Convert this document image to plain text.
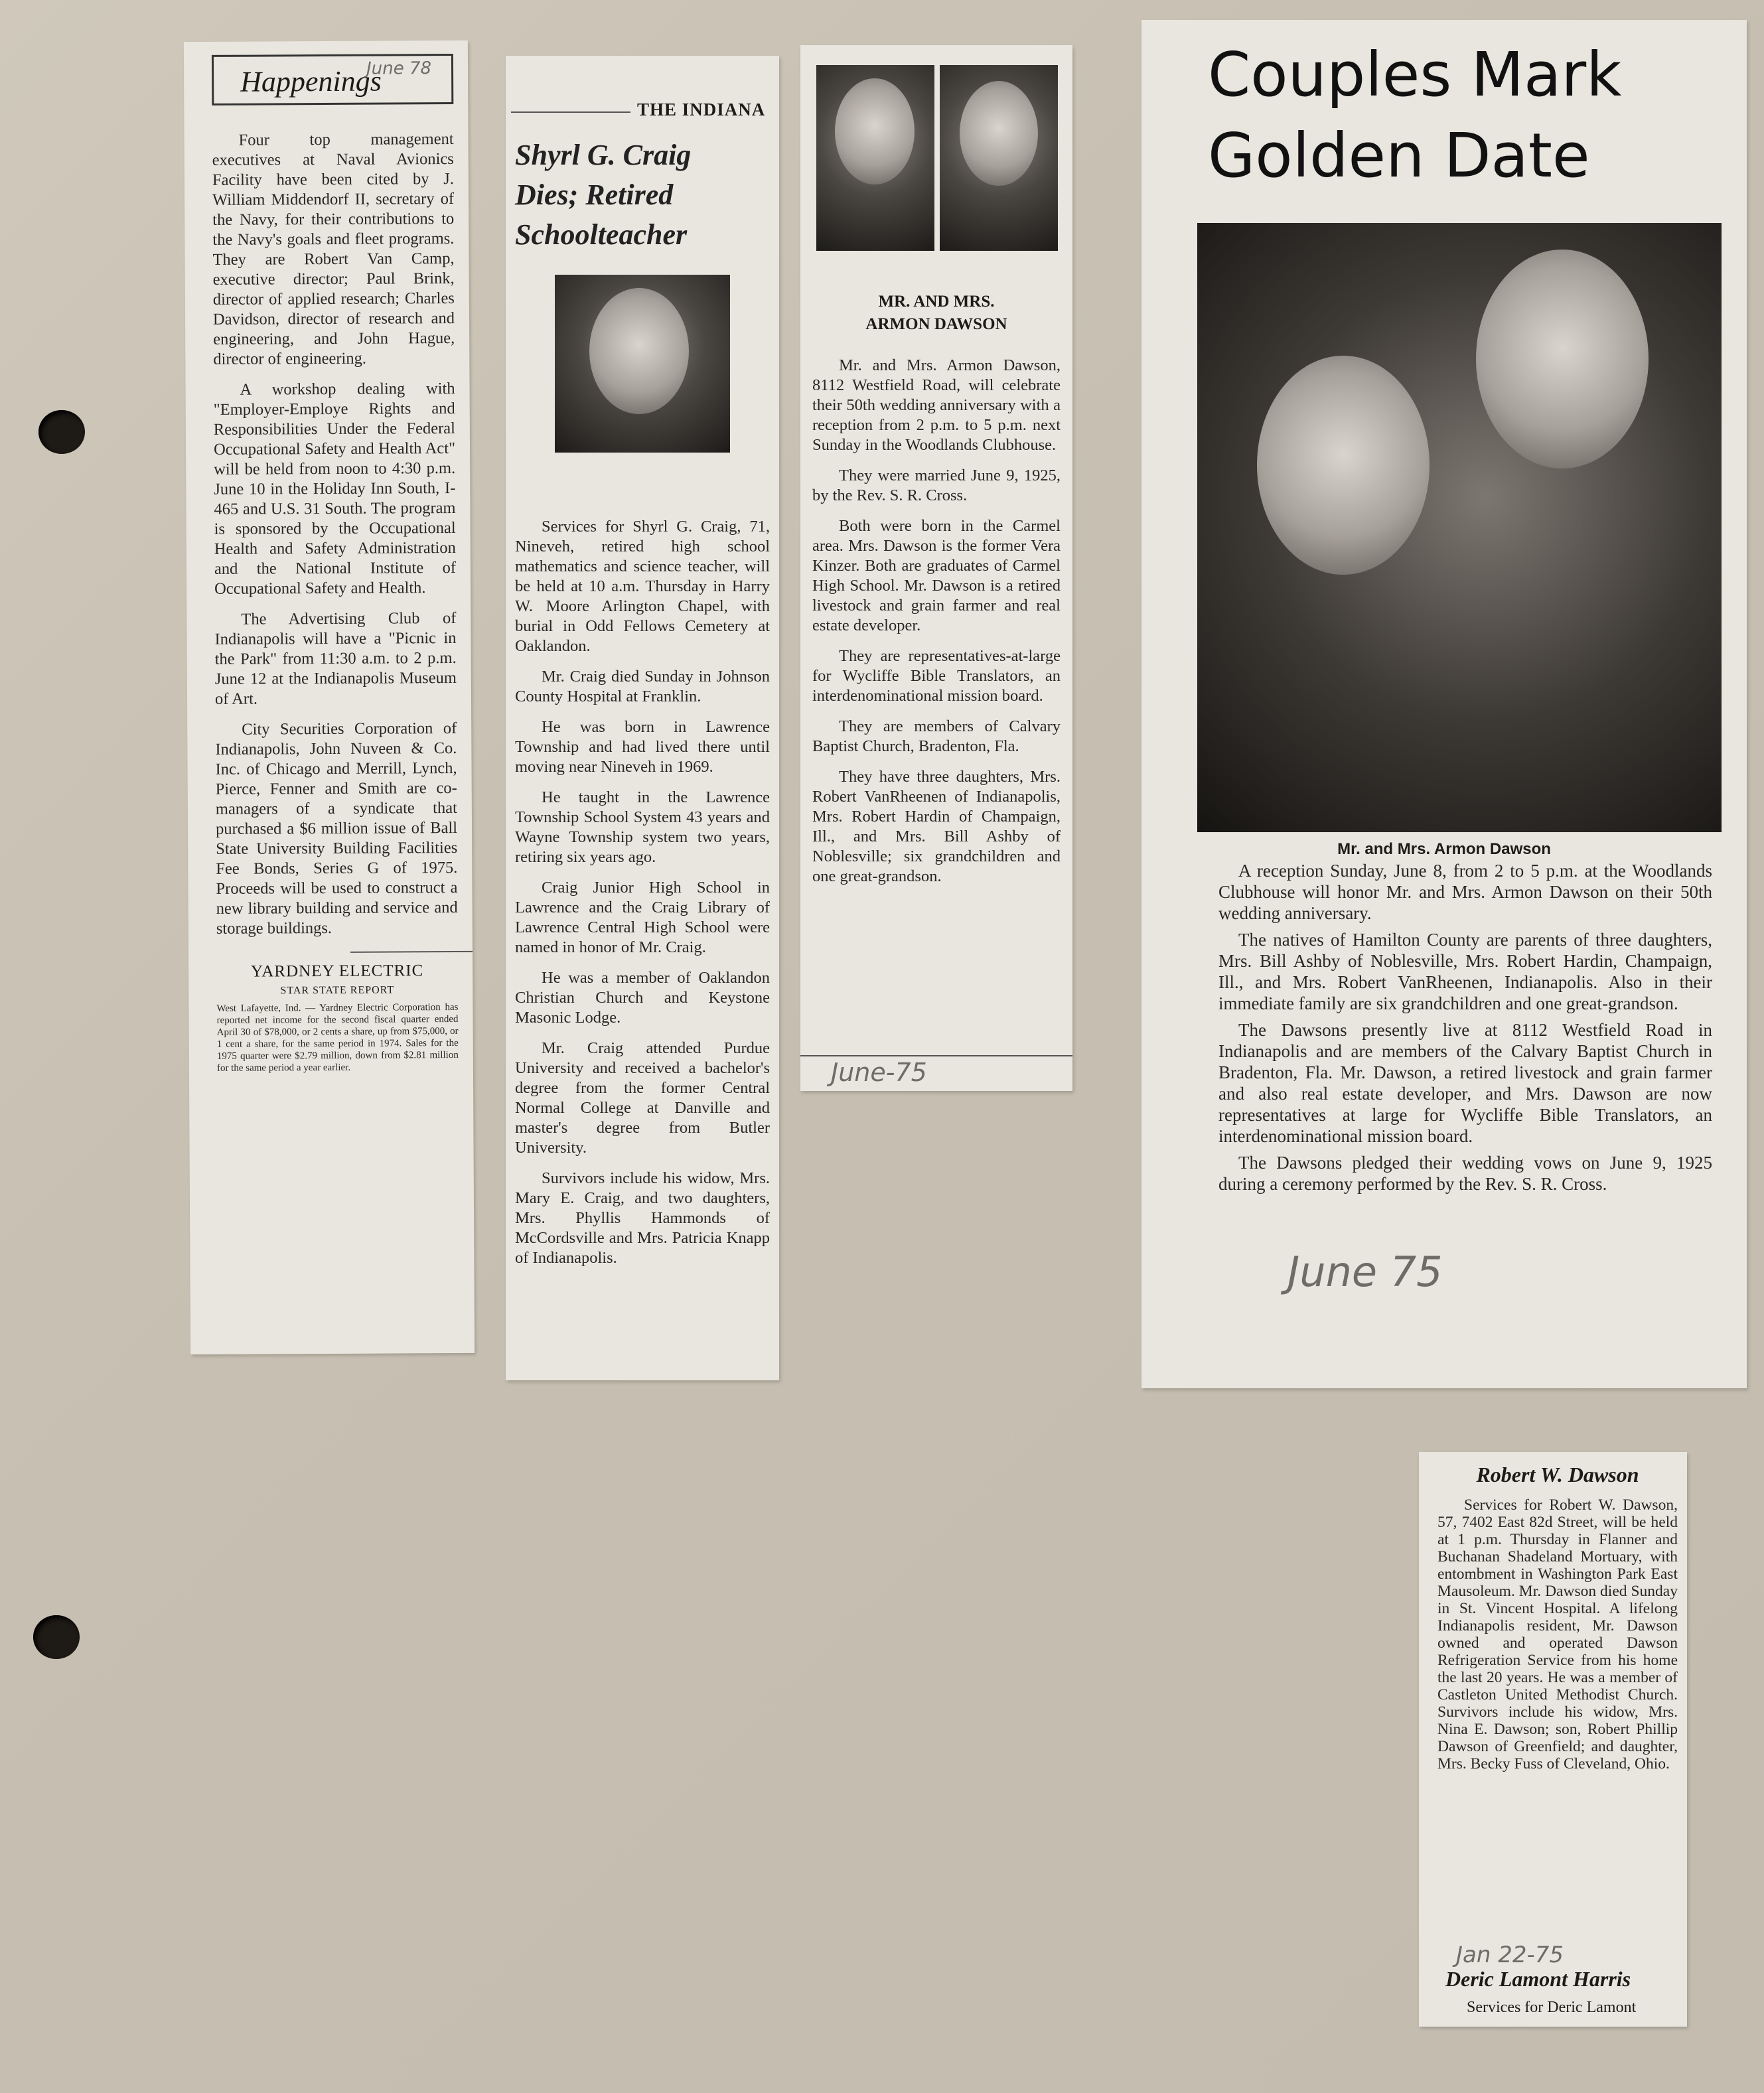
Happenings
June 78

Four top management executives at Naval Avionics Facility have been cited by J. William Middendorf II, secretary of the Navy, for their contributions to the Navy's goals and fleet programs. They are Robert Van Camp, executive director; Paul Brink, director of applied research; Charles Davidson, director of research and engineering, and John Hague, director of engineering.

A workshop dealing with "Employer-Employe Rights and Responsibilities Under the Federal Occupational Safety and Health Act" will be held from noon to 4:30 p.m. June 10 in the Holiday Inn South, I-465 and U.S. 31 South. The program is sponsored by the Occupational Health and Safety Administration and the National Institute of Occupational Safety and Health.

The Advertising Club of Indianapolis will have a "Picnic in the Park" from 11:30 a.m. to 2 p.m. June 12 at the Indianapolis Museum of Art.

City Securities Corporation of Indianapolis, John Nuveen & Co. Inc. of Chicago and Merrill, Lynch, Pierce, Fenner and Smith are co-managers of a syndicate that purchased a $6 million issue of Ball State University Building Facilities Fee Bonds, Series G of 1975. Proceeds will be used to construct a new library building and service and storage buildings.

YARDNEY ELECTRIC
STAR STATE REPORT

West Lafayette, Ind. — Yardney Electric Corporation has reported net income for the second fiscal quarter ended April 30 of $78,000, or 2 cents a share, up from $75,000, or 1 cent a share, for the same period in 1974. Sales for the 1975 quarter were $2.79 million, down from $2.81 million for the same period a year earlier.

THE INDIANA
Shyrl G. Craig Dies; Retired Schoolteacher

Services for Shyrl G. Craig, 71, Nineveh, retired high school mathematics and science teacher, will be held at 10 a.m. Thursday in Harry W. Moore Arlington Chapel, with burial in Odd Fellows Cemetery at Oaklandon.

Mr. Craig died Sunday in Johnson County Hospital at Franklin.

He was born in Lawrence Township and had lived there until moving near Nineveh in 1969.

He taught in the Lawrence Township School System 43 years and Wayne Township system two years, retiring six years ago.

Craig Junior High School in Lawrence and the Craig Library of Lawrence Central High School were named in honor of Mr. Craig.

He was a member of Oaklandon Christian Church and Keystone Masonic Lodge.

Mr. Craig attended Purdue University and received a bachelor's degree from the former Central Normal College at Danville and master's degree from Butler University.

Survivors include his widow, Mrs. Mary E. Craig, and two daughters, Mrs. Phyllis Hammonds of McCordsville and Mrs. Patricia Knapp of Indianapolis.

MR. AND MRS. ARMON DAWSON

Mr. and Mrs. Armon Dawson, 8112 Westfield Road, will celebrate their 50th wedding anniversary with a reception from 2 p.m. to 5 p.m. next Sunday in the Woodlands Clubhouse.

They were married June 9, 1925, by the Rev. S. R. Cross.

Both were born in the Carmel area. Mrs. Dawson is the former Vera Kinzer. Both are graduates of Carmel High School. Mr. Dawson is a retired livestock and grain farmer and real estate developer.

They are representatives-at-large for Wycliffe Bible Translators, an interdenominational mission board.

They are members of Calvary Baptist Church, Bradenton, Fla.

They have three daughters, Mrs. Robert VanRheenen of Indianapolis, Mrs. Robert Hardin of Champaign, Ill., and Mrs. Bill Ashby of Noblesville; six grandchildren and one great-grandson.

June-75
Couples Mark Golden Date
Mr. and Mrs. Armon Dawson

A reception Sunday, June 8, from 2 to 5 p.m. at the Woodlands Clubhouse will honor Mr. and Mrs. Armon Dawson on their 50th wedding anniversary.

The natives of Hamilton County are parents of three daughters, Mrs. Bill Ashby of Noblesville, Mrs. Robert Hardin, Champaign, Ill., and Mrs. Robert VanRheenen, Indianapolis. Also in their immediate family are six grandchildren and one great-grandson.

The Dawsons presently live at 8112 Westfield Road in Indianapolis and are members of the Calvary Baptist Church in Bradenton, Fla. Mr. Dawson, a retired livestock and grain farmer and also real estate developer, and Mrs. Dawson are now representatives at large for Wycliffe Bible Translators, an interdenominational mission board.

The Dawsons pledged their wedding vows on June 9, 1925 during a ceremony performed by the Rev. S. R. Cross.

June 75
Robert W. Dawson

Services for Robert W. Dawson, 57, 7402 East 82d Street, will be held at 1 p.m. Thursday in Flanner and Buchanan Shadeland Mortuary, with entombment in Washington Park East Mausoleum. Mr. Dawson died Sunday in St. Vincent Hospital. A lifelong Indianapolis resident, Mr. Dawson owned and operated Dawson Refrigeration Service from his home the last 20 years. He was a member of Castleton United Methodist Church. Survivors include his widow, Mrs. Nina E. Dawson; son, Robert Phillip Dawson of Greenfield; and daughter, Mrs. Becky Fuss of Cleveland, Ohio.

Jan 22-75
Deric Lamont Harris
Services for Deric Lamont
